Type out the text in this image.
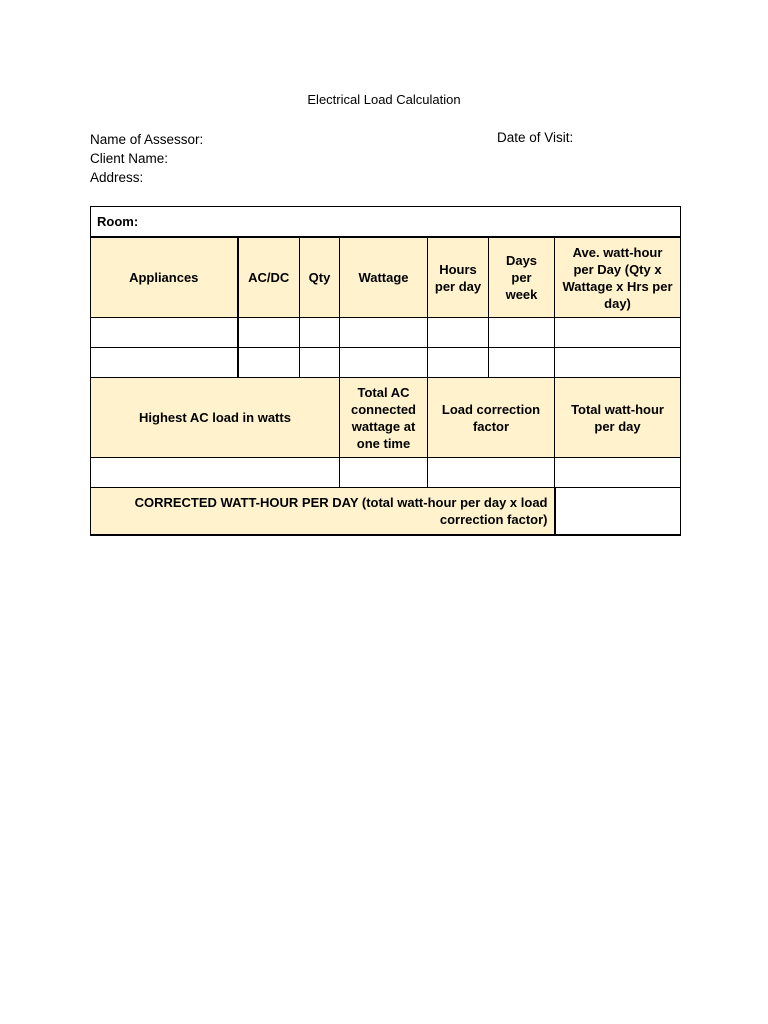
Electrical Load Calculation
Name of Assessor:
Client Name:
Address:
Date of Visit:
Room:						
Appliances	AC/DC	Qty	Wattage	Hours per day	Days per week	Ave. watt-hour per Day (Qty x Wattage x Hrs per day)

Highest AC load in watts			Total AC connected wattage at one time	Load correction factor		Total watt-hour per day

CORRECTED WATT-HOUR PER DAY (total watt-hour per day x load correction factor)						
